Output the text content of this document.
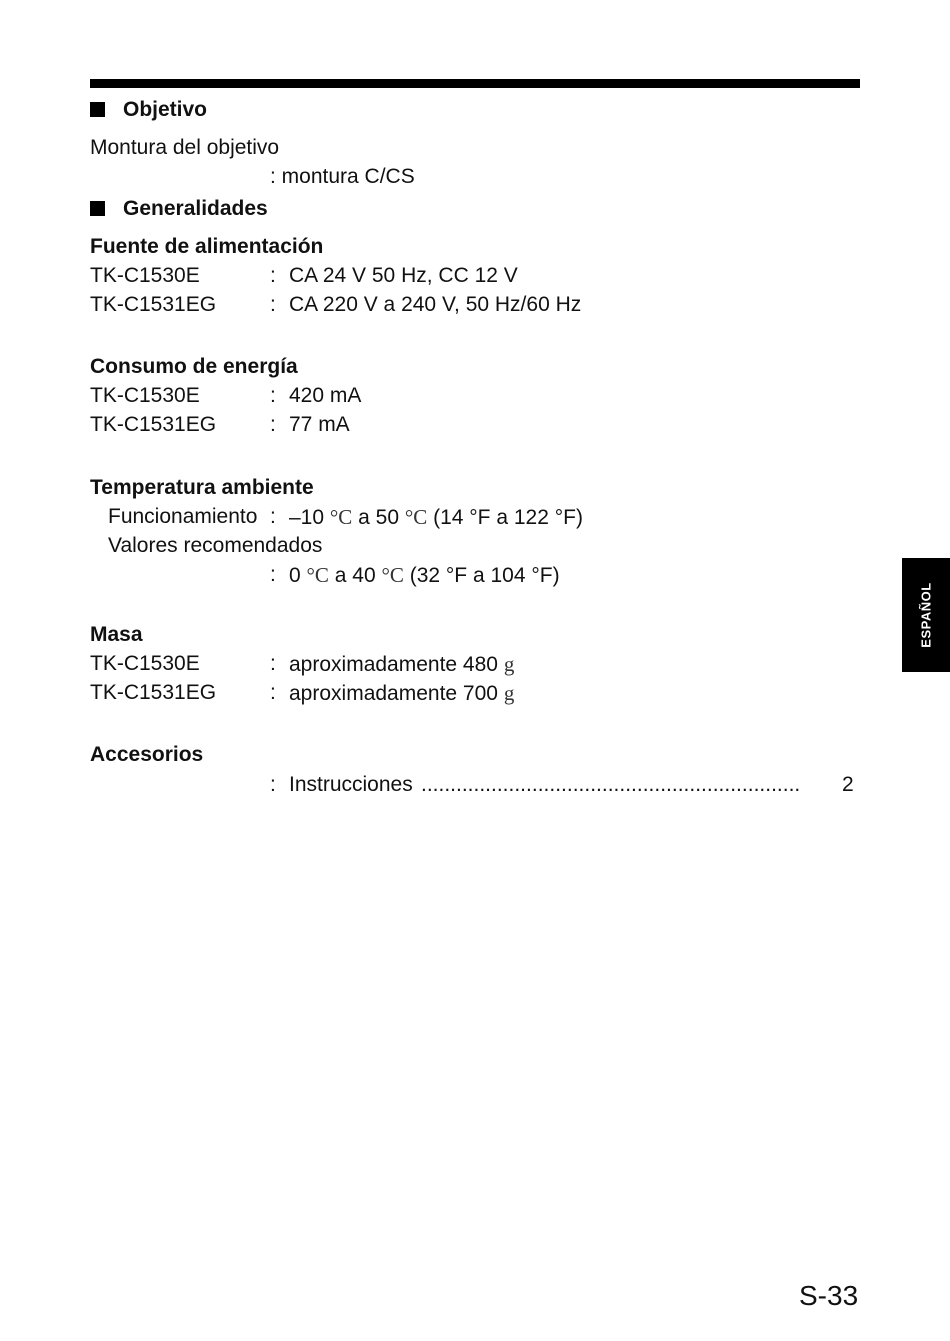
Objetivo
Montura del objetivo
: montura C/CS
Generalidades
Fuente de alimentación
TK-C1530E	: CA 24 V 50 Hz, CC 12 V
TK-C1531EG	: CA 220 V a 240 V, 50 Hz/60 Hz
Consumo de energía
TK-C1530E	: 420 mA
TK-C1531EG	: 77 mA
Temperatura ambiente
Funcionamiento : –10 °C a 50 °C (14 °F a 122 °F)
Valores recomendados
: 0 °C a 40 °C (32 °F a 104 °F)
Masa
TK-C1530E	: aproximadamente 480 g
TK-C1531EG	: aproximadamente 700 g
Accesorios
: Instrucciones ................................................................. 2
ESPAÑOL
S-33
